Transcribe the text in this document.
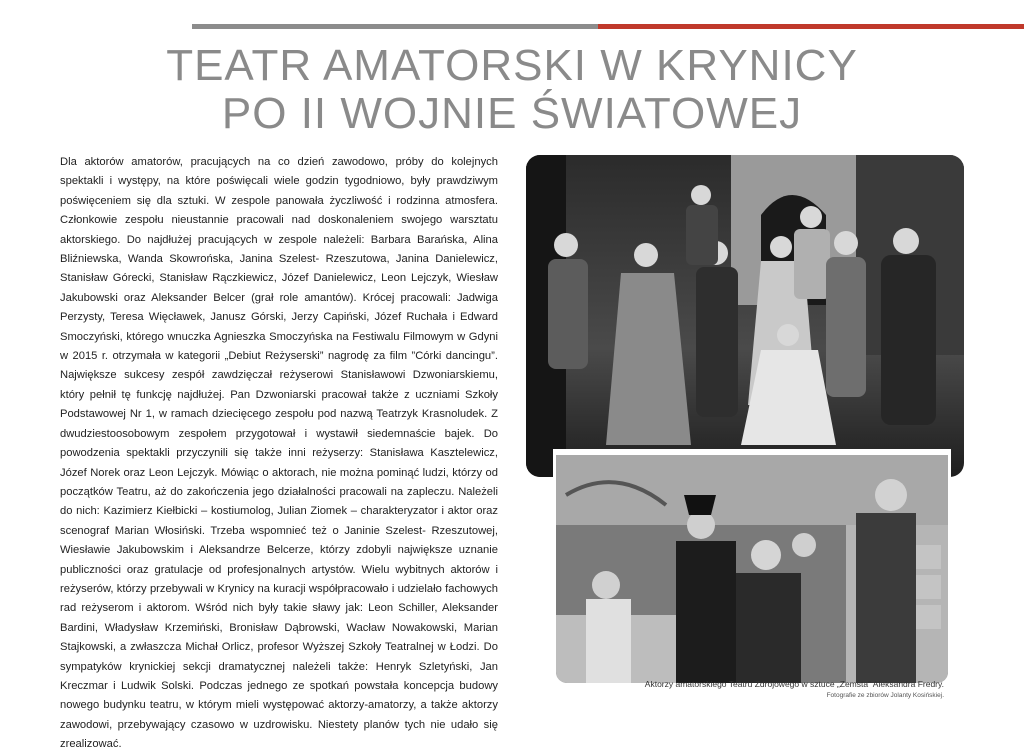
TEATR AMATORSKI W KRYNICY
PO II WOJNIE ŚWIATOWEJ

Dla aktorów amatorów, pracujących na co dzień zawodowo, próby do kolejnych spektakli i występy, na które poświęcali wiele godzin tygodniowo, były prawdziwym poświęceniem się dla sztuki. W zespole panowała życzliwość i rodzinna atmosfera. Członkowie zespołu nieustannie pracowali nad doskonaleniem swojego warsztatu aktorskiego. Do najdłużej pracujących w zespole należeli: Barbara Barańska, Alina Bliźniewska, Wanda Skowrońska, Janina Szelest- Rzeszutowa, Janina Danielewicz, Stanisław Górecki, Stanisław Rączkiewicz, Józef Danielewicz, Leon Lejczyk, Wiesław Jakubowski oraz Aleksander Belcer (grał role amantów). Krócej pracowali: Jadwiga Perzysty, Teresa Więcławek, Janusz Górski, Jerzy Capiński, Józef Ruchała i Edward Smoczyński, którego wnuczka Agnieszka Smoczyńska na Festiwalu Filmowym w Gdyni w 2015 r. otrzymała w kategorii „Debiut Reżyserski” nagrodę za film ”Córki dancingu”. Największe sukcesy zespół zawdzięczał reżyserowi Stanisławowi Dzwoniarskiemu, który pełnił tę funkcję najdłużej. Pan Dzwoniarski pracował także z uczniami Szkoły Podstawowej Nr 1, w ramach dziecięcego zespołu pod nazwą Teatrzyk Krasnoludek. Z dwudziestoosobowym zespołem przygotował i wystawił siedemnaście bajek. Do powodzenia spektakli przyczynili się także inni reżyserzy: Stanisława Kasztelewicz, Józef Norek oraz Leon Lejczyk. Mówiąc o aktorach, nie można pominąć ludzi, którzy od początków Teatru, aż do zakończenia jego działalności pracowali na zapleczu. Należeli do nich: Kazimierz Kiełbicki – kostiumolog, Julian Ziomek – charakteryzator i aktor oraz scenograf Marian Włosiński. Trzeba wspomnieć też o Janinie Szelest- Rzeszutowej, Wiesławie Jakubowskim i Aleksandrze Belcerze, którzy zdobyli największe uznanie publiczności oraz gratulacje od profesjonalnych artystów. Wielu wybitnych aktorów i reżyserów, którzy przebywali w Krynicy na kuracji współpracowało i udzielało fachowych rad reżyserom i aktorom. Wśród nich były takie sławy jak: Leon Schiller, Aleksander Bardini, Władysław Krzemiński, Bronisław Dąbrowski, Wacław Nowakowski, Marian Stajkowski, a zwłaszcza Michał Orlicz, profesor Wyższej Szkoły Teatralnej w Łodzi. Do sympatyków krynickiej sekcji dramatycznej należeli także: Henryk Szletyński, Jan Kreczmar i Ludwik Solski. Podczas jednego ze spotkań powstała koncepcja budowy nowego budynku teatru, w którym mieli występować aktorzy-amatorzy, a także aktorzy zawodowi, przebywający czasowo w uzdrowisku. Niestety planów tych nie udało się zrealizować.

Aktorzy amatorskiego Teatru Zdrojowego w sztuce „Zemsta” Aleksandra Fredry.
Fotografie ze zbiorów Jolanty Kosińskiej.
